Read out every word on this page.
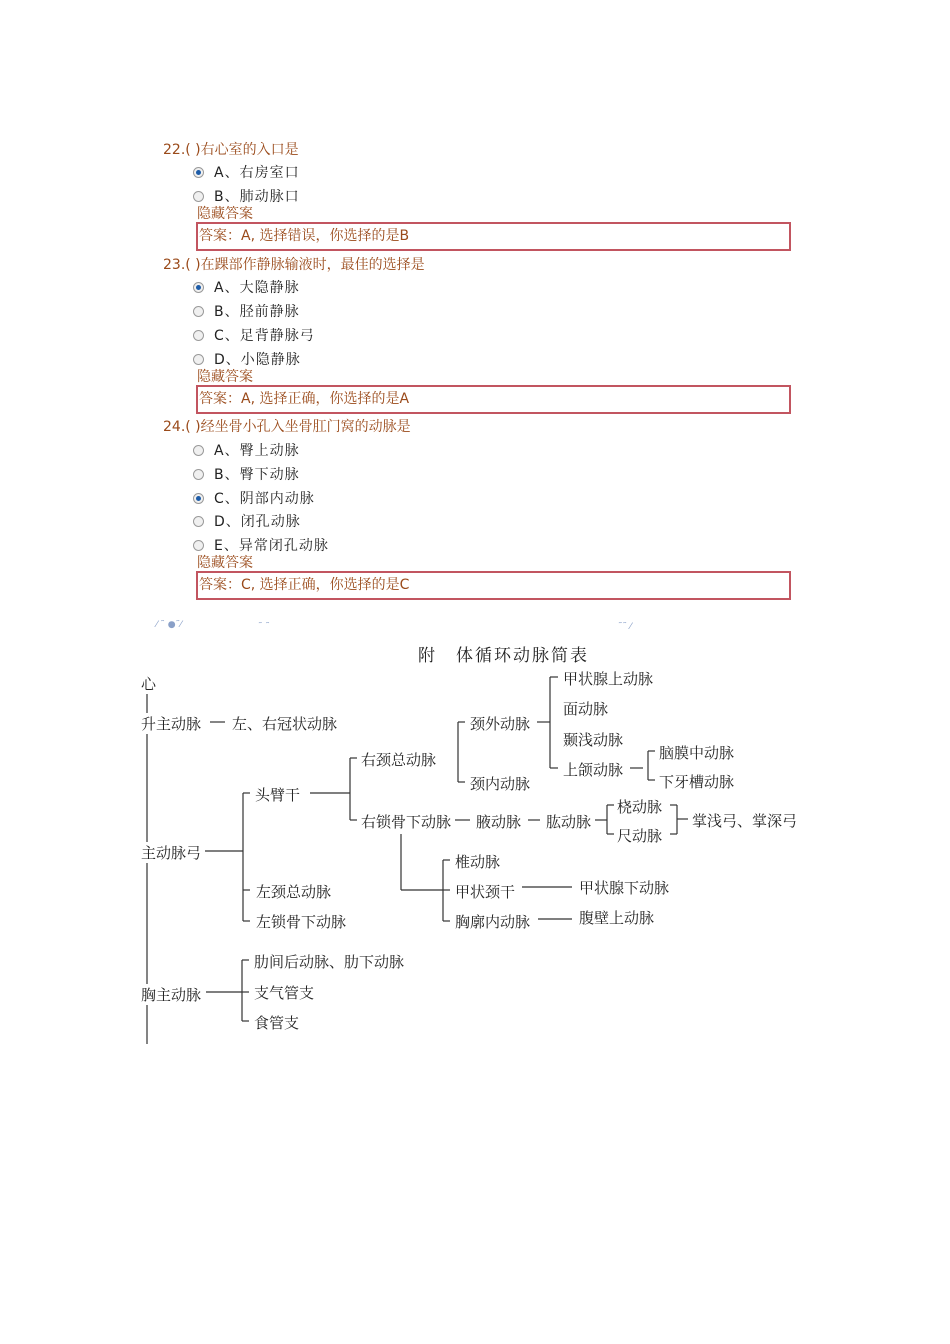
22.( )右心室的入口是
A、右房室口
B、肺动脉口
隐藏答案
答案：A, 选择错误，你选择的是B
23.( )在踝部作静脉输液时，最佳的选择是
A、大隐静脉
B、胫前静脉
C、足背静脉弓
D、小隐静脉
隐藏答案
答案：A, 选择正确，你选择的是A
24.( )经坐骨小孔入坐骨肛门窝的动脉是
A、臀上动脉
B、臀下动脉
C、阴部内动脉
D、闭孔动脉
E、异常闭孔动脉
隐藏答案
答案：C, 选择正确，你选择的是C
⁄ ˜ ●˜⁄	˜ ˜	˜˜ ⁄
附　体循环动脉简表
心
升主动脉 左、右冠状动脉
主动脉弓
头臂干
右颈总动脉
颈外动脉
颈内动脉
甲状腺上动脉
面动脉
颞浅动脉
上颌动脉
脑膜中动脉
下牙槽动脉
右锁骨下动脉 腋动脉 肱动脉
桡动脉
尺动脉
掌浅弓、掌深弓
椎动脉
甲状颈干	甲状腺下动脉
胸廓内动脉	腹壁上动脉
左颈总动脉
左锁骨下动脉
胸主动脉
肋间后动脉、肋下动脉
支气管支
食管支
